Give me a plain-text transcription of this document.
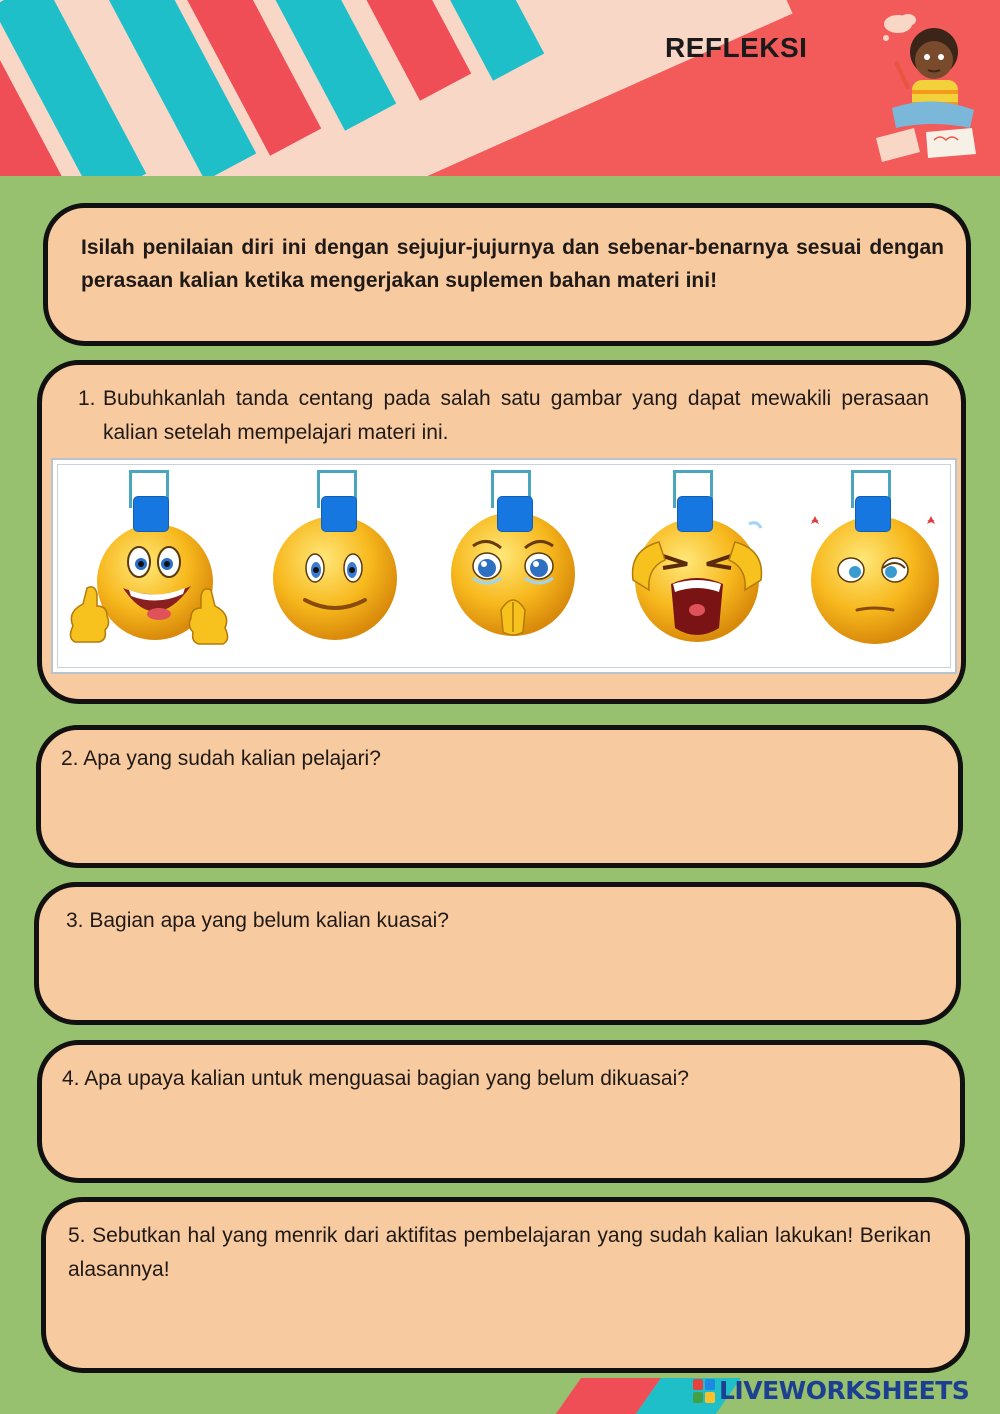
REFLEKSI
Isilah penilaian diri ini dengan sejujur-jujurnya dan sebenar-benarnya sesuai dengan perasaan kalian ketika mengerjakan suplemen bahan materi ini!
1. Bubuhkanlah tanda centang pada salah satu gambar yang dapat mewakili perasaan kalian setelah mempelajari materi ini.
2. Apa yang sudah kalian pelajari?
3. Bagian apa yang belum kalian kuasai?
4. Apa upaya kalian untuk menguasai bagian yang belum dikuasai?
5. Sebutkan hal yang menrik dari aktifitas pembelajaran yang sudah kalian lakukan! Berikan alasannya!
LIVEWORKSHEETS
